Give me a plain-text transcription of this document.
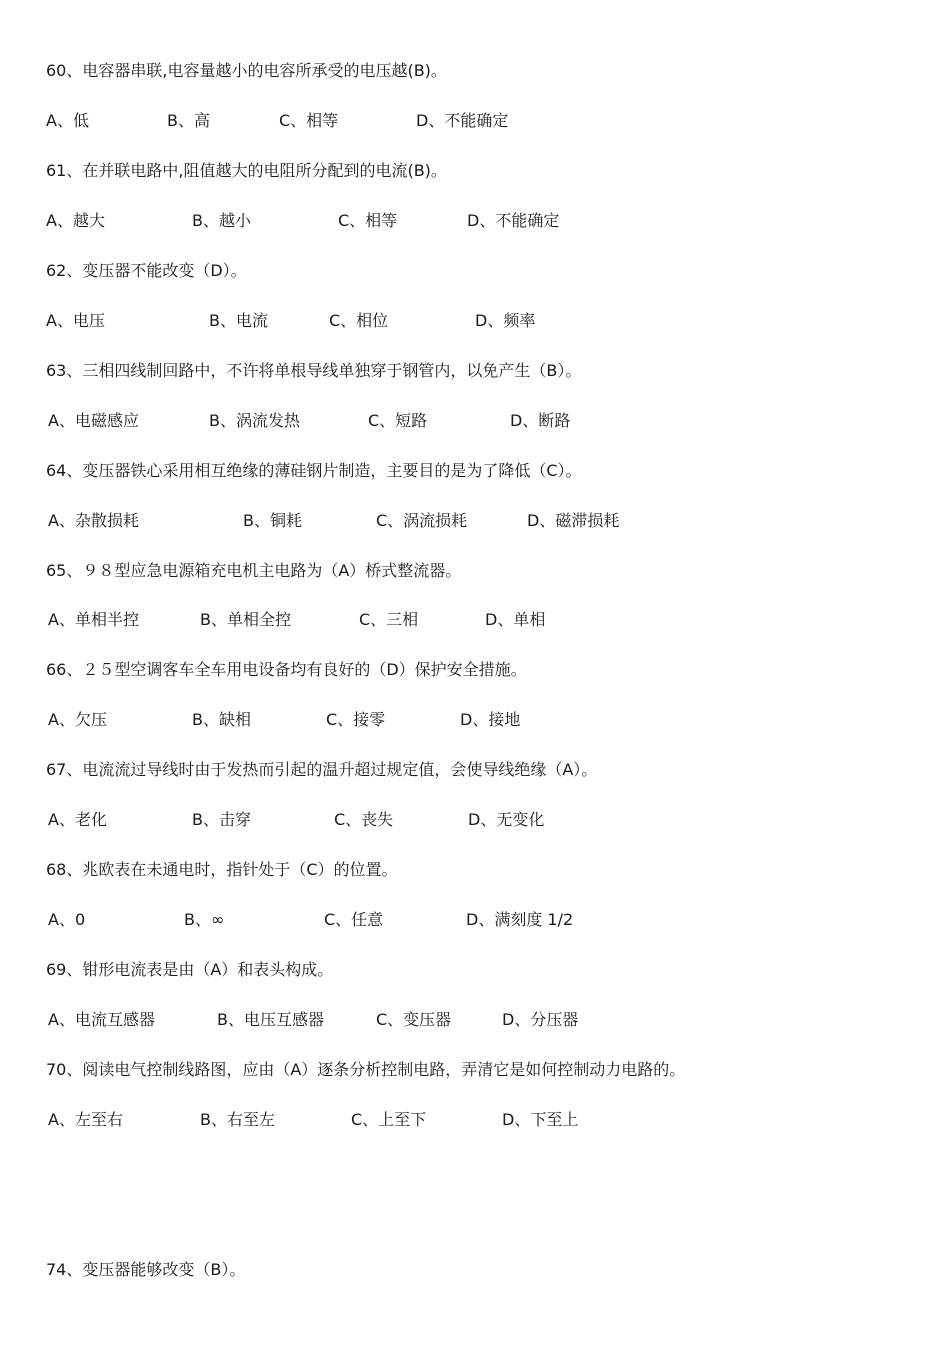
60、电容器串联,电容量越小的电容所承受的电压越(B)。
A、低	B、高	C、相等	D、不能确定
61、在并联电路中,阻值越大的电阻所分配到的电流(B)。
A、越大	B、越小	C、相等	D、不能确定
62、变压器不能改变（D）。
A、电压	B、电流	C、相位	D、频率
63、三相四线制回路中，不许将单根导线单独穿于钢管内，以免产生（B）。
A、电磁感应	B、涡流发热	C、短路	D、断路
64、变压器铁心采用相互绝缘的薄硅钢片制造，主要目的是为了降低（C）。
A、杂散损耗	B、铜耗	C、涡流损耗	D、磁滞损耗
65、９８型应急电源箱充电机主电路为（A）桥式整流器。
A、单相半控	B、单相全控	C、三相	D、单相
66、２５型空调客车全车用电设备均有良好的（D）保护安全措施。
A、欠压	B、缺相	C、接零	D、接地
67、电流流过导线时由于发热而引起的温升超过规定值，会使导线绝缘（A）。
A、老化	B、击穿	C、丧失	D、无变化
68、兆欧表在未通电时，指针处于（C）的位置。
A、0	B、∞	C、任意	D、满刻度 1/2
69、钳形电流表是由（A）和表头构成。
A、电流互感器	B、电压互感器	C、变压器	D、分压器
70、阅读电气控制线路图，应由（A）逐条分析控制电路，弄清它是如何控制动力电路的。
A、左至右	B、右至左	C、上至下	D、下至上
74、变压器能够改变（B）。
